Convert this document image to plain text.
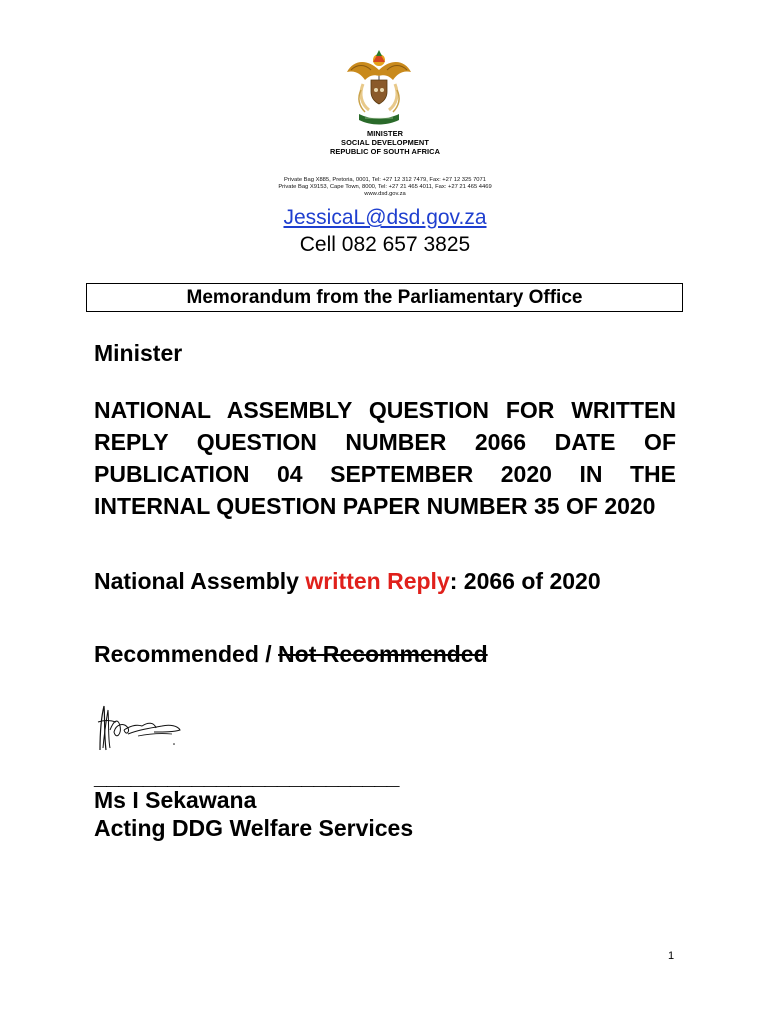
MINISTER
SOCIAL DEVELOPMENT
REPUBLIC OF SOUTH AFRICA
Private Bag X885, Pretoria, 0001, Tel: +27 12 312 7479, Fax: +27 12 325 7071
Private Bag X9153, Cape Town, 8000, Tel: +27 21 465 4011, Fax: +27 21 465 4469
www.dsd.gov.za
JessicaL@dsd.gov.za
Cell 082 657 3825
Memorandum from the Parliamentary Office
Minister
NATIONAL ASSEMBLY QUESTION FOR WRITTEN REPLY QUESTION NUMBER 2066 DATE OF PUBLICATION 04 SEPTEMBER 2020 IN THE INTERNAL QUESTION PAPER NUMBER 35 OF 2020
National Assembly written Reply: 2066 of 2020
Recommended / Not Recommended
_________________________
Ms I Sekawana
Acting DDG Welfare Services
1
